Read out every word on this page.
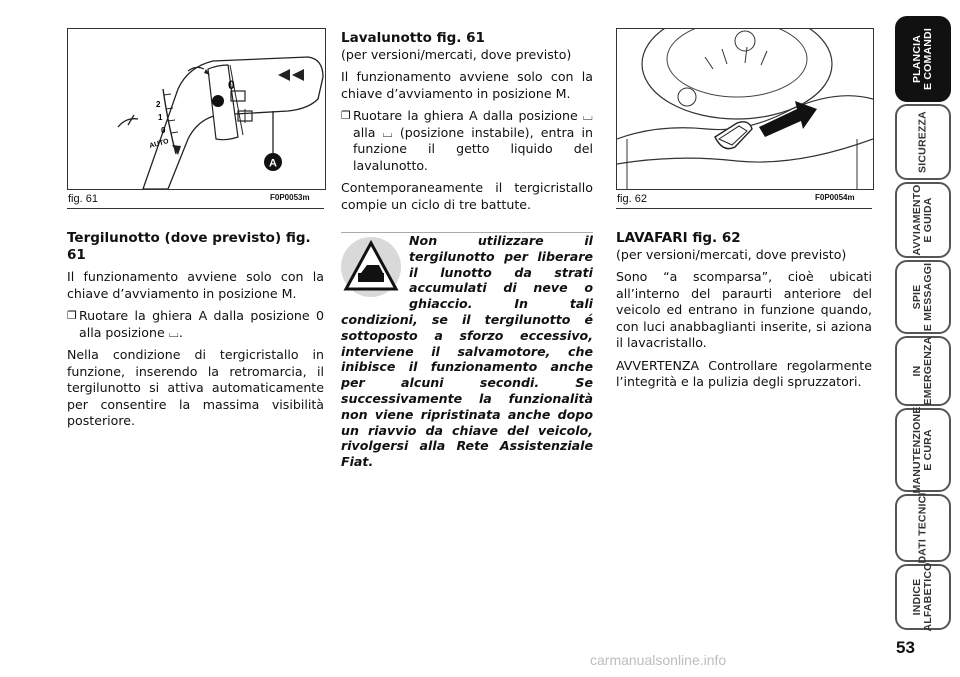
A
0
2
1
0
AUTO
fig. 61	F0P0053m	fig. 62	F0P0054m
Tergilunotto (dove previsto) fig. 61

Il funzionamento avviene solo con la chiave d’avviamento in posizione M.

❐ Ruotare la ghiera A dalla posizione 0 alla posizione ⌴.

Nella condizione di tergicristallo in funzione, inserendo la retromarcia, il tergilunotto si attiva automaticamente per consentire la massima visibilità posteriore.

Lavalunotto fig. 61
(per versioni/mercati, dove previsto)

Il funzionamento avviene solo con la chiave d’avviamento in posizione M.

❐ Ruotare la ghiera A dalla posizione ⌴ alla ⌴ (posizione instabile), entra in funzione il getto liquido del lavalunotto.

Contemporaneamente il tergicristallo compie un ciclo di tre battute.

Non utilizzare il tergilunotto per liberare il lunotto da strati accumulati di neve o ghiaccio. In tali condizioni, se il tergilunotto é sottoposto a sforzo eccessivo, interviene il salvamotore, che inibisce il funzionamento anche per alcuni secondi. Se successivamente la funzionalità non viene ripristinata anche dopo un riavvio da chiave del veicolo, rivolgersi alla Rete Assistenziale Fiat.
LAVAFARI fig. 62
(per versioni/mercati, dove previsto)

Sono “a scomparsa”, cioè ubicati all’interno del paraurti anteriore del veicolo ed entrano in funzione quando, con luci anabbaglianti inserite, si aziona il lavacristallo.

AVVERTENZA Controllare regolarmente l’integrità e la pulizia degli spruzzatori.

PLANCIA
E COMANDI
SICUREZZA
AVVIAMENTO
E GUIDA
SPIE
E MESSAGGI
IN
EMERGENZA
MANUTENZIONE
E CURA
DATI TECNICI
INDICE
ALFABETICO
53
carmanualsonline.info
